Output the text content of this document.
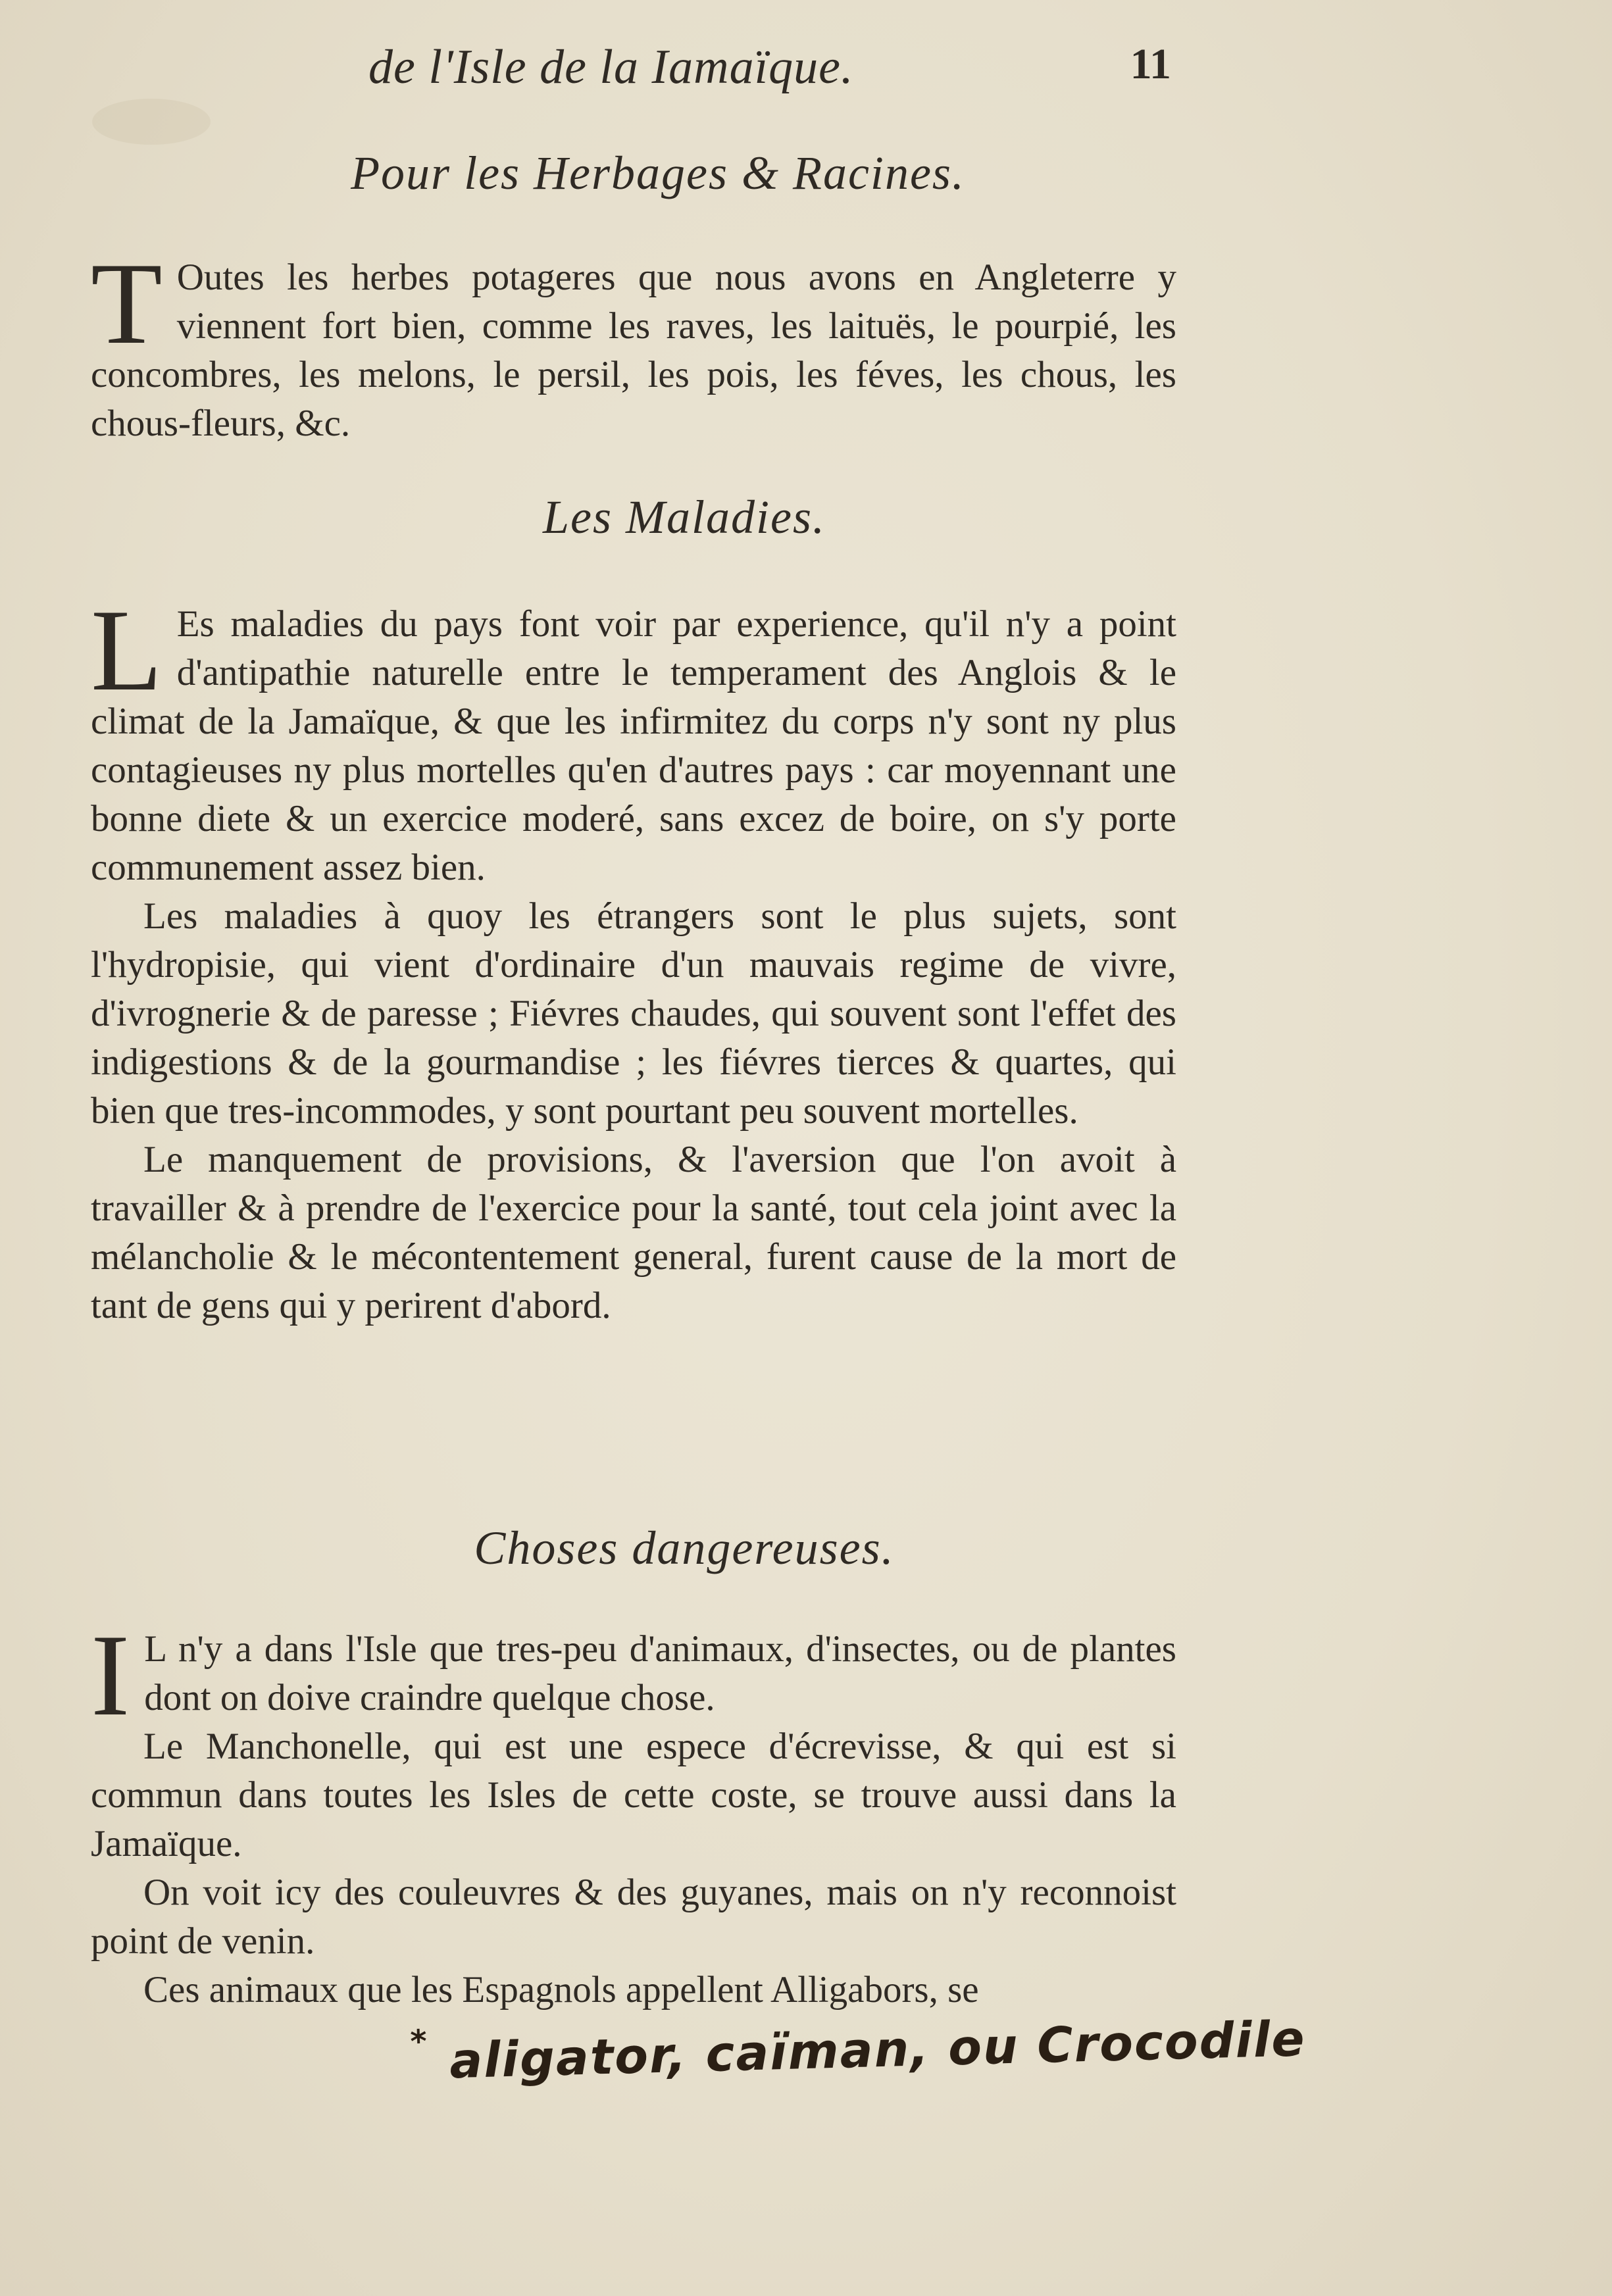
de l'Isle de la Iamaïque.	11
Pour les Herbages & Racines.
T Outes les herbes potageres que nous avons en Angleterre y viennent fort bien, comme les raves, les laituës, le pourpié, les concombres, les melons, le persil, les pois, les féves, les chous, les chous-fleurs, &c.

Les Maladies.
L Es maladies du pays font voir par experience, qu'il n'y a point d'antipathie naturelle entre le temperament des Anglois & le climat de la Jamaïque, & que les infirmitez du corps n'y sont ny plus contagieuses ny plus mortelles qu'en d'autres pays : car moyennant une bonne diete & un exercice moderé, sans excez de boire, on s'y porte communement assez bien.

Les maladies à quoy les étrangers sont le plus sujets, sont l'hydropisie, qui vient d'ordinaire d'un mauvais regime de vivre, d'ivrognerie & de paresse ; Fiévres chaudes, qui souvent sont l'effet des indigestions & de la gourmandise ; les fiévres tierces & quartes, qui bien que tres-incommodes, y sont pourtant peu souvent mortelles.

Le manquement de provisions, & l'aversion que l'on avoit à travailler & à prendre de l'exercice pour la santé, tout cela joint avec la mélancholie & le mécontentement general, furent cause de la mort de tant de gens qui y perirent d'abord.

Choses dangereuses.
I L n'y a dans l'Isle que tres-peu d'animaux, d'insectes, ou de plantes dont on doive craindre quelque chose.

Le Manchonelle, qui est une espece d'écrevisse, & qui est si commun dans toutes les Isles de cette coste, se trouve aussi dans la Jamaïque.

On voit icy des couleuvres & des guyanes, mais on n'y reconnoist point de venin.

Ces animaux que les Espagnols appellent Alligabors, se

* aligator, caïman, ou Crocodile
